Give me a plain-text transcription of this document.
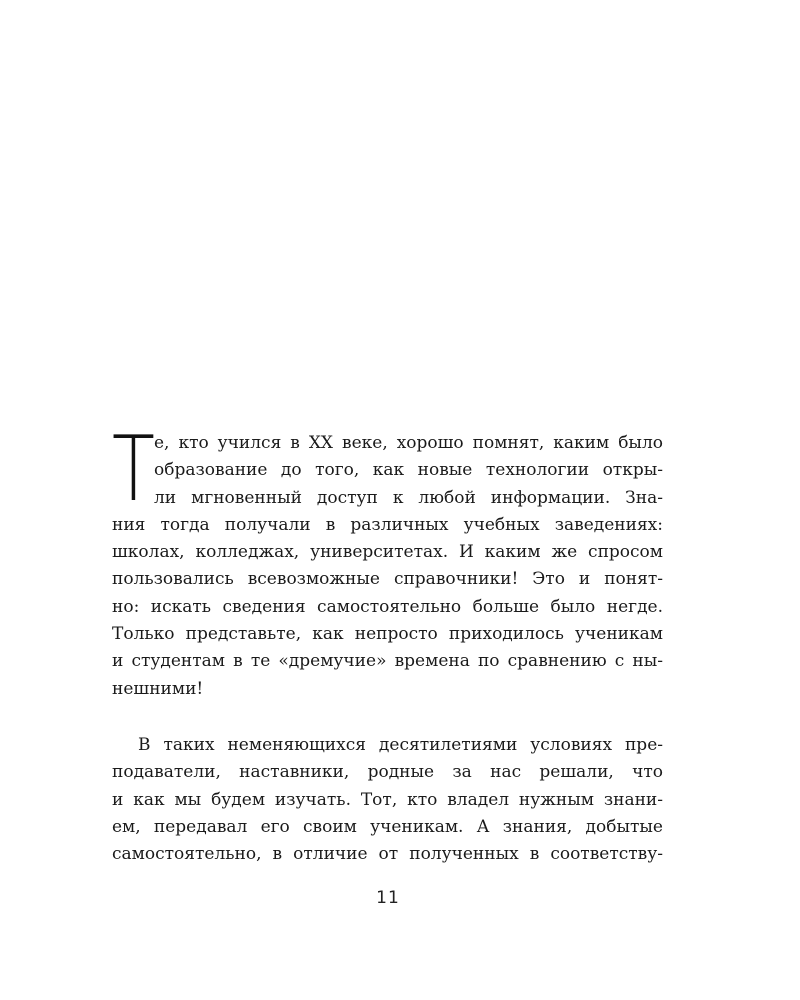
Т е, кто учился в XX веке, хорошо помнят, каким было
образование до того, как новые технологии откры-
ли мгновенный доступ к любой информации. Зна-
ния тогда получали в различных учебных заведениях:
школах, колледжах, университетах. И каким же спросом
пользовались всевозможные справочники! Это и понят-
но: искать сведения самостоятельно больше было негде.
Только представьте, как непросто приходилось ученикам
и студентам в те «дремучие» времена по сравнению с ны-
нешними!
В таких неменяющихся десятилетиями условиях пре-
подаватели, наставники, родные за нас решали, что
и как мы будем изучать. Тот, кто владел нужным знани-
ем, передавал его своим ученикам. А знания, добытые
самостоятельно, в отличие от полученных в соответству-
11
